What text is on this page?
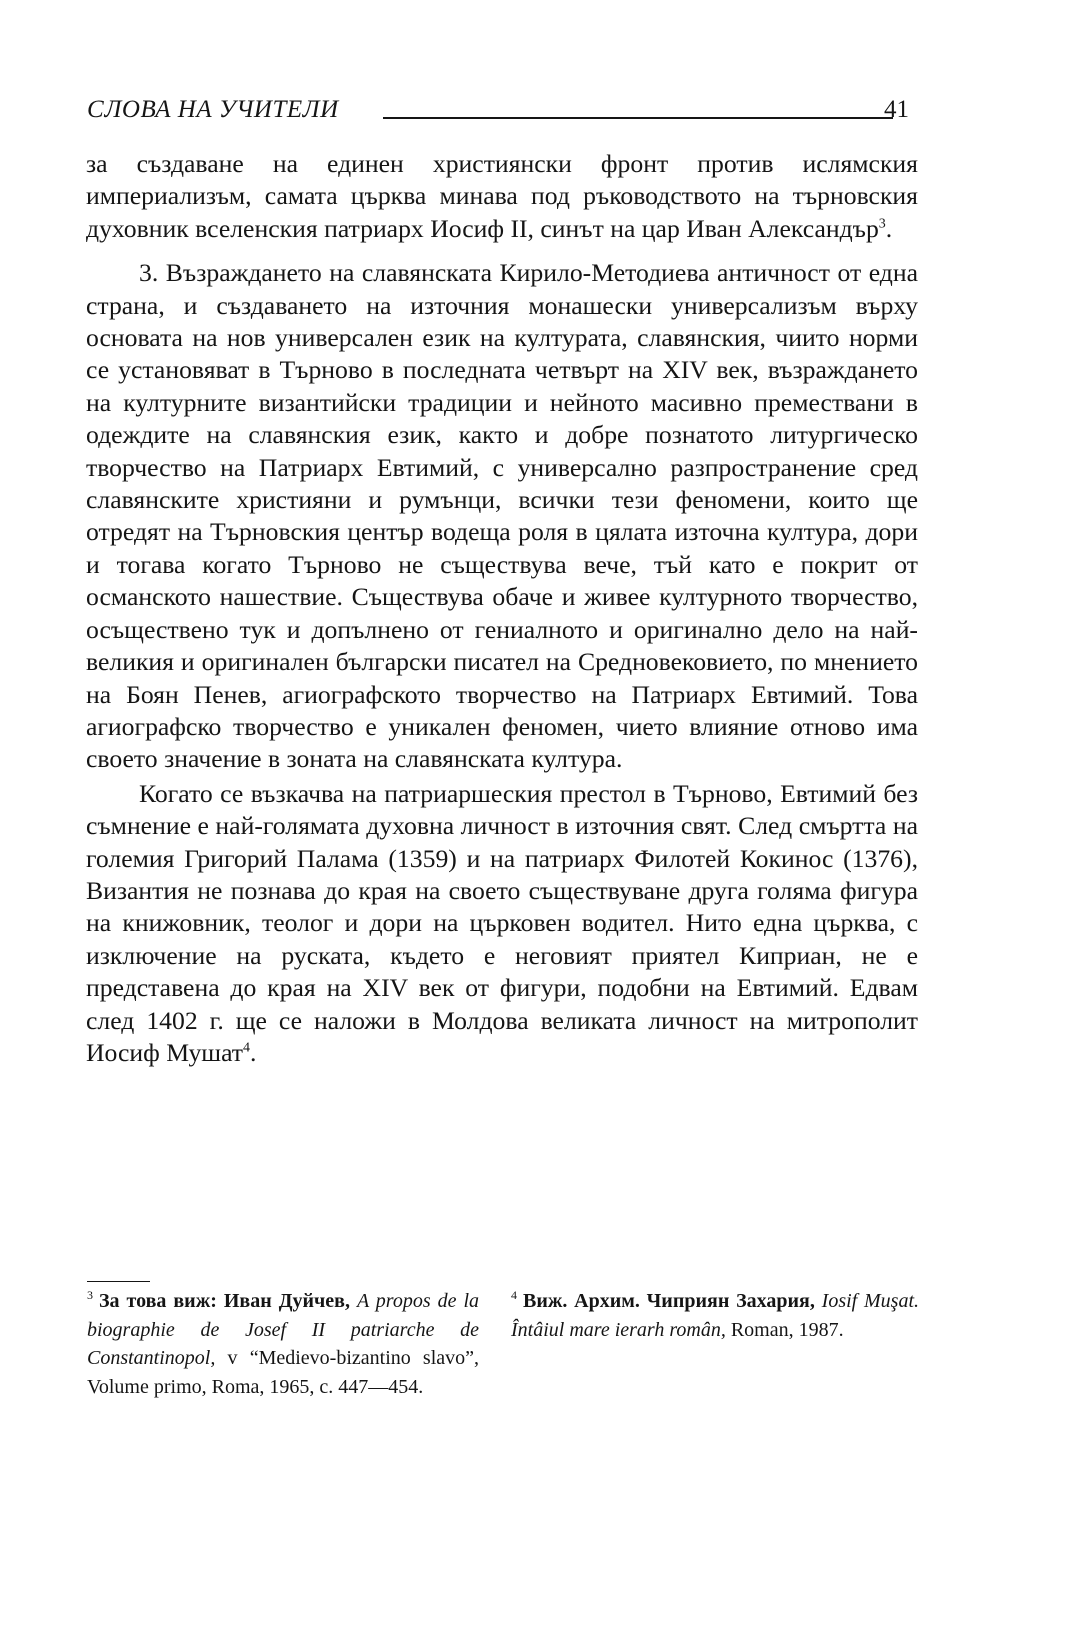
СЛОВА НА УЧИТЕЛИ	41

за създаване на единен християнски фронт против ислямския империализъм, самата църква минава под ръководството на търновския духовник вселенския патриарх Иосиф II, синът на цар Иван Александър$^3$.

3. Възраждането на славянската Кирило-Методиева античност от една страна, и създаването на източния монашески универсализъм върху основата на нов универсален език на културата, славянския, чиито норми се установяват в Търново в последната четвърт на XIV век, възраждането на културните византийски традиции и нейното масивно премествани в одеждите на славянския език, както и добре познатото литургическо творчество на Патриарх Евтимий, с универсално разпространение сред славянските християни и румънци, всички тези феномени, които ще отредят на Търновския център водеща роля в цялата източна култура, дори и тогава когато Търново не съществува вече, тъй като е покрит от османското нашествие. Съществува обаче и живее културното творчество, осъществено тук и допълнено от гениалното и оригинално дело на най-великия и оригинален български писател на Средновековието, по мнението на Боян Пенев, агиографското творчество на Патриарх Евтимий. Това агиографско творчество е уникален феномен, чието влияние отново има своето значение в зоната на славянската култура.

Когато се възкачва на патриаршеския престол в Търново, Евтимий без съмнение е най-голямата духовна личност в източния свят. След смъртта на големия Григорий Палама (1359) и на патриарх Филотей Кокинос (1376), Византия не познава до края на своето съществуване друга голяма фигура на книжовник, теолог и дори на църковен водител. Нито една църква, с изключение на руската, където е неговият приятел Киприан, не е представена до края на XIV век от фигури, подобни на Евтимий. Едвам след 1402 г. ще се наложи в Молдова великата личност на митрополит Иосиф Мушат$^4$.

$^3$ За това виж: Иван Дуйчев, A propos de la biographie de Josef II patriarche de Constantinopol, v “Medievo-bizantino slavo”, Volume primo, Roma, 1965, с. 447—454.
$^4$ Виж. Архим. Чиприян Захария, Iosif Muşat. Întâiul mare ierarh român, Roman, 1987.
